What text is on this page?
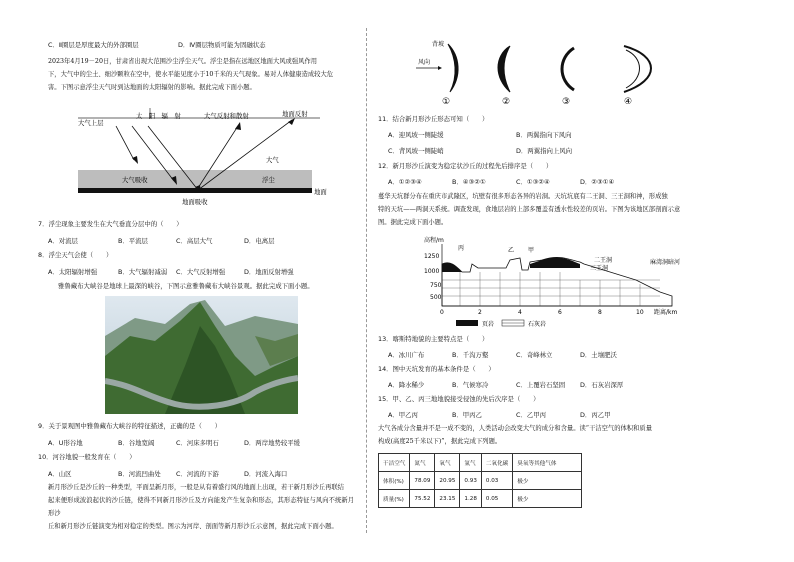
C．Ⅱ圈层是厚度最大的外部圈层	D．Ⅳ圈层物质可能为固融状态
2023年4月19－20日，甘肃省出现大范围沙尘浮尘天气。浮尘是指在远地区地面大风或强风作用
下，大气中的尘土、细沙颗粒在空中，使水平能见度小于10千米的天气现象。易对人体健康造成较大危
害。下图示意浮尘天气时到达地面的太阳辐射的影响。据此完成下面小题。
大气上层
太　阳　辐　射	大气反射和散射	地面反射
大气
大气吸收	浮尘
地面吸收
地面
7．浮尘现象主要发生在大气垂直分层中的（　　）
A．对流层	B．平流层	C．高层大气	D．电离层
8．浮尘天气会使（　　）
A．太阳辐射增强	B．大气辐射减弱 C．大气反射增强	D．地面反射增强
雅鲁藏布大峡谷是地球上最深的峡谷，下图示意雅鲁藏布大峡谷景观。据此完成下面小题。
9．关于景观图中雅鲁藏布大峡谷的特征描述，正确的是（　　）
A．U形谷地	B．谷地宽阔	C．河床多明石	D．两岸地势较平缓
10．河谷地貌一般发育在（　　）
A．山区	B．河流凹曲处 C．河流的下游	D．河流入海口
新月形沙丘是沙丘的一种类型，平面呈新月形，一般是从有着盛行风的地面上出现，若干新月形沙丘再联结
起来便形成波浪起伏的沙丘链，使得不同新月形沙丘及方向能发产生复杂和形态，其形态特征与风向不统新月形沙
丘和新月形沙丘链演变为相对稳定的类型。图示为河岸、剖面等新月形沙丘示意图，据此完成下面小题。
背坡
风向
①	②	③	④
11．结合新月形沙丘形态可知（　　）
A．迎风坡一侧陡缓	B．两翼指向下风向
C．背风坡一侧陡峭	D．两翼指向上风向
12．新月形沙丘演变为稳定状沙丘的过程先后排序是（　　）
A．①②③④	B．④③②①	C．①③②④	D．②③①④
蔓华天坑群分布在重庆市武隆区，坑壁有很多形态各异的岩洞。天坑坑底有二王洞、三王洞和神，形成独
特的天坑——两洞天系统。调查发现，食地层岩的上部多覆盖有透水性较差的页岩。下图为该地区部剖面示意
图。据此完成下面小题。
高程/m
1250
1000
750
500
丙	乙 甲
二王洞
三王洞
麻湾洞暗河
0	2	4	6	8	10 距离/km
页岩	石灰岩
13．喀斯特地貌的主要特点是（　　）
A．冰川广布	B．千沟万壑	C．奇峰林立	D．土壤肥沃
14．图中天坑发育的基本条件是（　　）
A．降水稀少	B．气候寒冷	C．上覆岩石坚固 D．石灰岩深厚
15．甲、乙、丙三地地貌接受侵蚀的先后次序是（　　）
A．甲乙丙	B．甲丙乙	C．乙甲丙	D．丙乙甲
大气各成分含量并不是一成不变的，人类活动会改变大气的成分和含量。读“干洁空气的体积和质量
构成(高度25千米以下)”，据此完成下列题。
干洁空气	氮气	氧气	氩气	二氧化碳	臭氧等其他气体
体积(%)	78.09	20.95	0.93	0.03	极少
质量(%)	75.52	23.15	1.28	0.05	极少
